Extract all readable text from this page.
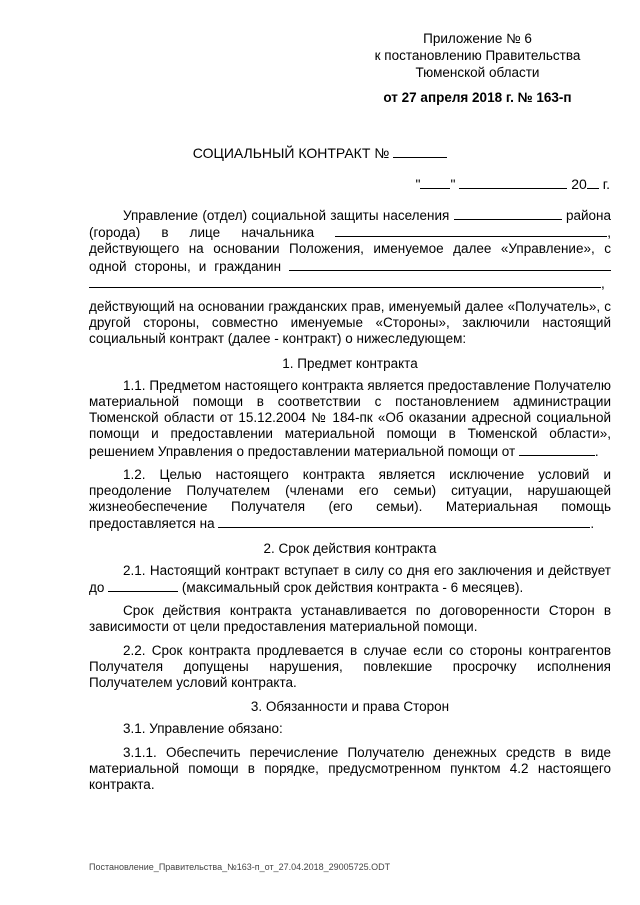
Приложение № 6
к постановлению Правительства
Тюменской области
от 27 апреля 2018 г. № 163-п
СОЦИАЛЬНЫЙ КОНТРАКТ №
" "	20 г.

Управление (отдел) социальной защиты населения	района (города) в лице начальника	, действующего на основании Положения, именуемое далее «Управление», с одной стороны, и гражданин  ,

действующий на основании гражданских прав, именуемый далее «Получатель», с другой стороны, совместно именуемые «Стороны», заключили настоящий социальный контракт (далее - контракт) о нижеследующем:

1. Предмет контракта

1.1. Предметом настоящего контракта является предоставление Получателю материальной помощи в соответствии с постановлением администрации Тюменской области от 15.12.2004 № 184-пк «Об оказании адресной социальной помощи и предоставлении материальной помощи в Тюменской области», решением Управления о предоставлении материальной помощи от	.

1.2. Целью настоящего контракта является исключение условий и преодоление Получателем (членами его семьи) ситуации, нарушающей жизнеобеспечение Получателя (его семьи). Материальная помощь предоставляется на	.

2. Срок действия контракта

2.1. Настоящий контракт вступает в силу со дня его заключения и действует до	(максимальный срок действия контракта - 6 месяцев).

Срок действия контракта устанавливается по договоренности Сторон в зависимости от цели предоставления материальной помощи.

2.2. Срок контракта продлевается в случае если со стороны контрагентов Получателя допущены нарушения, повлекшие просрочку исполнения Получателем условий контракта.

3. Обязанности и права Сторон

3.1. Управление обязано:

3.1.1. Обеспечить перечисление Получателю денежных средств в виде материальной помощи в порядке, предусмотренном пунктом 4.2 настоящего контракта.

Постановление_Правительства_№163-п_от_27.04.2018_29005725.ODT
